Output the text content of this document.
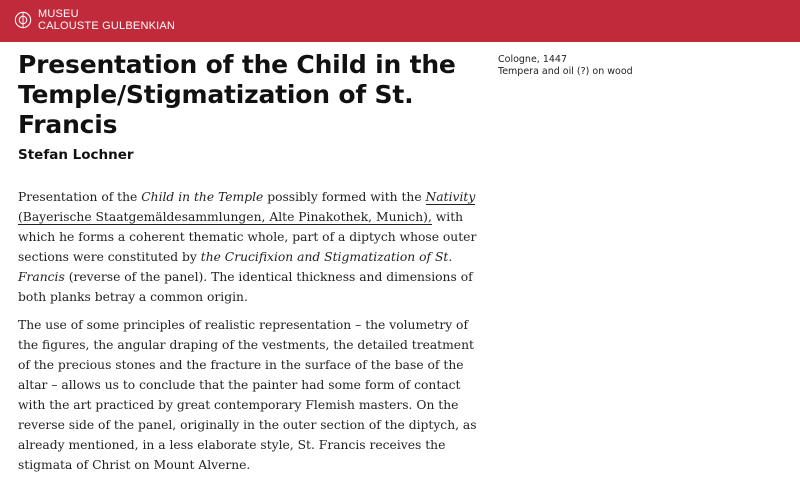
MUSEU
CALOUSTE GULBENKIAN
Presentation of the Child in the Temple/Stigmatization of St. Francis
Stefan Lochner

Presentation of the Child in the Temple possibly formed with the Nativity (Bayerische Staatgemäldesammlungen, Alte Pinakothek, Munich), with which he forms a coherent thematic whole, part of a diptych whose outer sections were constituted by the Crucifixion and Stigmatization of St. Francis (reverse of the panel). The identical thickness and dimensions of both planks betray a common origin.

The use of some principles of realistic representation – the volumetry of the figures, the angular draping of the vestments, the detailed treatment of the precious stones and the fracture in the surface of the base of the altar – allows us to conclude that the painter had some form of contact with the art practiced by great contemporary Flemish masters. On the reverse side of the panel, originally in the outer section of the diptych, as already mentioned, in a less elaborate style, St. Francis receives the stigmata of Christ on Mount Alverne.

Cologne, 1447
Tempera and oil (?) on wood
